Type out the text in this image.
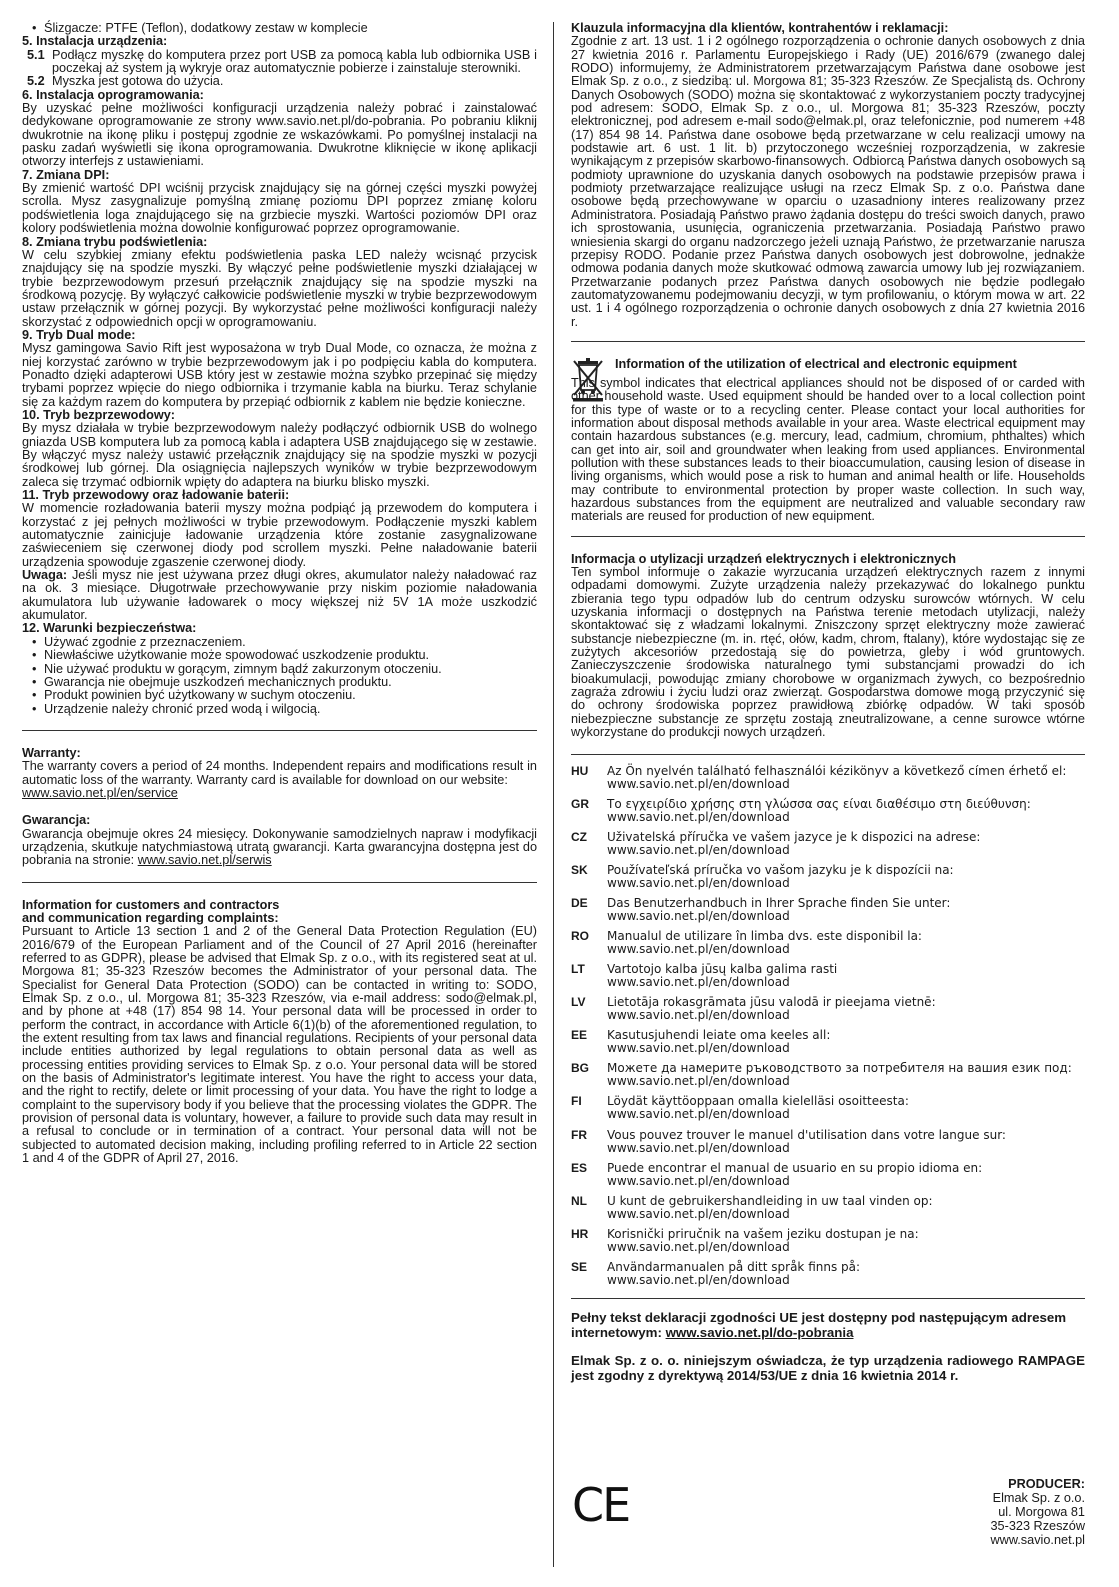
• Ślizgacze: PTFE (Teflon), dodatkowy zestaw w komplecie

5. Instalacja urządzenia:

5.1 Podłącz myszkę do komputera przez port USB za pomocą kabla lub odbiornika USB i poczekaj aż system ją wykryje oraz automatycznie pobierze i zainstaluje sterowniki.
5.2 Myszka jest gotowa do użycia.

6. Instalacja oprogramowania:

By uzyskać pełne możliwości konfiguracji urządzenia należy pobrać i zainstalować dedykowane oprogramowanie ze strony www.savio.net.pl/do-pobrania. Po pobraniu kliknij dwukrotnie na ikonę pliku i postępuj zgodnie ze wskazówkami. Po pomyślnej instalacji na pasku zadań wyświetli się ikona oprogramowania. Dwukrotne kliknięcie w ikonę aplikacji otworzy interfejs z ustawieniami.

7. Zmiana DPI:

By zmienić wartość DPI wciśnij przycisk znajdujący się na górnej części myszki powyżej scrolla. Mysz zasygnalizuje pomyślną zmianę poziomu DPI poprzez zmianę koloru podświetlenia loga znajdującego się na grzbiecie myszki. Wartości poziomów DPI oraz kolory podświetlenia można dowolnie konfigurować poprzez oprogramowanie.

8. Zmiana trybu podświetlenia:

W celu szybkiej zmiany efektu podświetlenia paska LED należy wcisnąć przycisk znajdujący się na spodzie myszki. By włączyć pełne podświetlenie myszki działającej w trybie bezprzewodowym przesuń przełącznik znajdujący się na spodzie myszki na środkową pozycję. By wyłączyć całkowicie podświetlenie myszki w trybie bezprzewodowym ustaw przełącznik w górnej pozycji. By wykorzystać pełne możliwości konfiguracji należy skorzystać z odpowiednich opcji w oprogramowaniu.

9. Tryb Dual mode:

Mysz gamingowa Savio Rift jest wyposażona w tryb Dual Mode, co oznacza, że można z niej korzystać zarówno w trybie bezprzewodowym jak i po podpięciu kabla do komputera. Ponadto dzięki adapterowi USB który jest w zestawie można szybko przepinać się między trybami poprzez wpięcie do niego odbiornika i trzymanie kabla na biurku. Teraz schylanie się za każdym razem do komputera by przepiąć odbiornik z kablem nie będzie konieczne.

10. Tryb bezprzewodowy:

By mysz działała w trybie bezprzewodowym należy podłączyć odbiornik USB do wolnego gniazda USB komputera lub za pomocą kabla i adaptera USB znajdującego się w zestawie. By włączyć mysz należy ustawić przełącznik znajdujący się na spodzie myszki w pozycji środkowej lub górnej. Dla osiągnięcia najlepszych wyników w trybie bezprzewodowym zaleca się trzymać odbiornik wpięty do adaptera na biurku blisko myszki.

11. Tryb przewodowy oraz ładowanie baterii:

W momencie rozładowania baterii myszy można podpiąć ją przewodem do komputera i korzystać z jej pełnych możliwości w trybie przewodowym. Podłączenie myszki kablem automatycznie zainicjuje ładowanie urządzenia które zostanie zasygnalizowane zaświeceniem się czerwonej diody pod scrollem myszki. Pełne naładowanie baterii urządzenia spowoduje zgaszenie czerwonej diody.

Uwaga: Jeśli mysz nie jest używana przez długi okres, akumulator należy naładować raz na ok. 3 miesiące. Długotrwałe przechowywanie przy niskim poziomie naładowania akumulatora lub używanie ładowarek o mocy większej niż 5V 1A może uszkodzić akumulator.

12. Warunki bezpieczeństwa:

• Używać zgodnie z przeznaczeniem.
• Niewłaściwe użytkowanie może spowodować uszkodzenie produktu.
• Nie używać produktu w gorącym, zimnym bądź zakurzonym otoczeniu.
• Gwarancja nie obejmuje uszkodzeń mechanicznych produktu.
• Produkt powinien być użytkowany w suchym otoczeniu.
• Urządzenie należy chronić przed wodą i wilgocią.

Warranty:

The warranty covers a period of 24 months. Independent repairs and modifications result in automatic loss of the warranty. Warranty card is available for download on our website:

www.savio.net.pl/en/service

Gwarancja:

Gwarancja obejmuje okres 24 miesięcy. Dokonywanie samodzielnych napraw i modyfikacji urządzenia, skutkuje natychmiastową utratą gwarancji. Karta gwarancyjna dostępna jest do pobrania na stronie: www.savio.net.pl/serwis

Information for customers and contractors

and communication regarding complaints:

Pursuant to Article 13 section 1 and 2 of the General Data Protection Regulation (EU) 2016/679 of the European Parliament and of the Council of 27 April 2016 (hereinafter referred to as GDPR), please be advised that Elmak Sp. z o.o., with its registered seat at ul. Morgowa 81; 35-323 Rzeszów becomes the Administrator of your personal data. The Specialist for General Data Protection (SODO) can be contacted in writing to: SODO, Elmak Sp. z o.o., ul. Morgowa 81; 35-323 Rzeszów, via e-mail address: sodo@elmak.pl, and by phone at +48 (17) 854 98 14. Your personal data will be processed in order to perform the contract, in accordance with Article 6(1)(b) of the aforementioned regulation, to the extent resulting from tax laws and financial regulations. Recipients of your personal data include entities authorized by legal regulations to obtain personal data as well as processing entities providing services to Elmak Sp. z o.o. Your personal data will be stored on the basis of Administrator's legitimate interest. You have the right to access your data, and the right to rectify, delete or limit processing of your data. You have the right to lodge a complaint to the supervisory body if you believe that the processing violates the GDPR. The provision of personal data is voluntary, however, a failure to provide such data may result in a refusal to conclude or in termination of a contract. Your personal data will not be subjected to automated decision making, including profiling referred to in Article 22 section 1 and 4 of the GDPR of April 27, 2016.

Klauzula informacyjna dla klientów, kontrahentów i reklamacji:

Zgodnie z art. 13 ust. 1 i 2 ogólnego rozporządzenia o ochronie danych osobowych z dnia 27 kwietnia 2016 r. Parlamentu Europejskiego i Rady (UE) 2016/679 (zwanego dalej RODO) informujemy, że Administratorem przetwarzającym Państwa dane osobowe jest Elmak Sp. z o.o., z siedzibą: ul. Morgowa 81; 35-323 Rzeszów. Ze Specjalistą ds. Ochrony Danych Osobowych (SODO) można się skontaktować z wykorzystaniem poczty tradycyjnej pod adresem: SODO, Elmak Sp. z o.o., ul. Morgowa 81; 35-323 Rzeszów, poczty elektronicznej, pod adresem e-mail sodo@elmak.pl, oraz telefonicznie, pod numerem +48 (17) 854 98 14. Państwa dane osobowe będą przetwarzane w celu realizacji umowy na podstawie art. 6 ust. 1 lit. b) przytoczonego wcześniej rozporządzenia, w zakresie wynikającym z przepisów skarbowo-finansowych. Odbiorcą Państwa danych osobowych są podmioty uprawnione do uzyskania danych osobowych na podstawie przepisów prawa i podmioty przetwarzające realizujące usługi na rzecz Elmak Sp. z o.o. Państwa dane osobowe będą przechowywane w oparciu o uzasadniony interes realizowany przez Administratora. Posiadają Państwo prawo żądania dostępu do treści swoich danych, prawo ich sprostowania, usunięcia, ograniczenia przetwarzania. Posiadają Państwo prawo wniesienia skargi do organu nadzorczego jeżeli uznają Państwo, że przetwarzanie narusza przepisy RODO. Podanie przez Państwa danych osobowych jest dobrowolne, jednakże odmowa podania danych może skutkować odmową zawarcia umowy lub jej rozwiązaniem. Przetwarzanie podanych przez Państwa danych osobowych nie będzie podlegało zautomatyzowanemu podejmowaniu decyzji, w tym profilowaniu, o którym mowa w art. 22 ust. 1 i 4 ogólnego rozporządzenia o ochronie danych osobowych z dnia 27 kwietnia 2016 r.

Information of the utilization of electrical and electronic equipment

This symbol indicates that electrical appliances should not be disposed of or carded with other household waste. Used equipment should be handed over to a local collection point for this type of waste or to a recycling center. Please contact your local authorities for information about disposal methods available in your area. Waste electrical equipment may contain hazardous substances (e.g. mercury, lead, cadmium, chromium, phthaltes) which can get into air, soil and groundwater when leaking from used appliances. Environmental pollution with these substances leads to their bioaccumulation, causing lesion of disease in living organisms, which would pose a risk to human and animal health or life. Households may contribute to environmental protection by proper waste collection. In such way, hazardous substances from the equipment are neutralized and valuable secondary raw materials are reused for production of new equipment.

Informacja o utylizacji urządzeń elektrycznych i elektronicznych

Ten symbol informuje o zakazie wyrzucania urządzeń elektrycznych razem z innymi odpadami domowymi. Zużyte urządzenia należy przekazywać do lokalnego punktu zbierania tego typu odpadów lub do centrum odzysku surowców wtórnych. W celu uzyskania informacji o dostępnych na Państwa terenie metodach utylizacji, należy skontaktować się z władzami lokalnymi. Zniszczony sprzęt elektryczny może zawierać substancje niebezpieczne (m. in. rtęć, ołów, kadm, chrom, ftalany), które wydostając się ze zużytych akcesoriów przedostają się do powietrza, gleby i wód gruntowych. Zanieczyszczenie środowiska naturalnego tymi substancjami prowadzi do ich bioakumulacji, powodując zmiany chorobowe w organizmach żywych, co bezpośrednio zagraża zdrowiu i życiu ludzi oraz zwierząt. Gospodarstwa domowe mogą przyczynić się do ochrony środowiska poprzez prawidłową zbiórkę odpadów. W taki sposób niebezpieczne substancje ze sprzętu zostają zneutralizowane, a cenne surowce wtórne wykorzystane do produkcji nowych urządzeń.

HU	Az Ön nyelvén található felhasználói kézikönyv a következő címen érhető el:
www.savio.net.pl/en/download
GR	Το εγχειρίδιο χρήσης στη γλώσσα σας είναι διαθέσιμο στη διεύθυνση:
www.savio.net.pl/en/download
CZ	Uživatelská příručka ve vašem jazyce je k dispozici na adrese:
www.savio.net.pl/en/download
SK	Používateľská príručka vo vašom jazyku je k dispozícii na:
www.savio.net.pl/en/download
DE	Das Benutzerhandbuch in Ihrer Sprache finden Sie unter:
www.savio.net.pl/en/download
RO	Manualul de utilizare în limba dvs. este disponibil la:
www.savio.net.pl/en/download
LT	Vartotojo kalba jūsų kalba galima rasti
www.savio.net.pl/en/download
LV	Lietotāja rokasgrāmata jūsu valodā ir pieejama vietnē:
www.savio.net.pl/en/download
EE	Kasutusjuhendi leiate oma keeles all:
www.savio.net.pl/en/download
BG	Можете да намерите ръководството за потребителя на вашия език под:
www.savio.net.pl/en/download
FI	Löydät käyttöoppaan omalla kielelläsi osoitteesta:
www.savio.net.pl/en/download
FR	Vous pouvez trouver le manuel d'utilisation dans votre langue sur:
www.savio.net.pl/en/download
ES	Puede encontrar el manual de usuario en su propio idioma en:
www.savio.net.pl/en/download
NL	U kunt de gebruikershandleiding in uw taal vinden op:
www.savio.net.pl/en/download
HR	Korisnički priručnik na vašem jeziku dostupan je na:
www.savio.net.pl/en/download
SE	Användarmanualen på ditt språk finns på:
www.savio.net.pl/en/download

Pełny tekst deklaracji zgodności UE jest dostępny pod następującym adresem internetowym: www.savio.net.pl/do-pobrania

Elmak Sp. z o. o. niniejszym oświadcza, że typ urządzenia radiowego RAMPAGE jest zgodny z dyrektywą 2014/53/UE z dnia 16 kwietnia 2014 r.

CE	PRODUCER:
Elmak Sp. z o.o.
ul. Morgowa 81
35-323 Rzeszów
www.savio.net.pl
